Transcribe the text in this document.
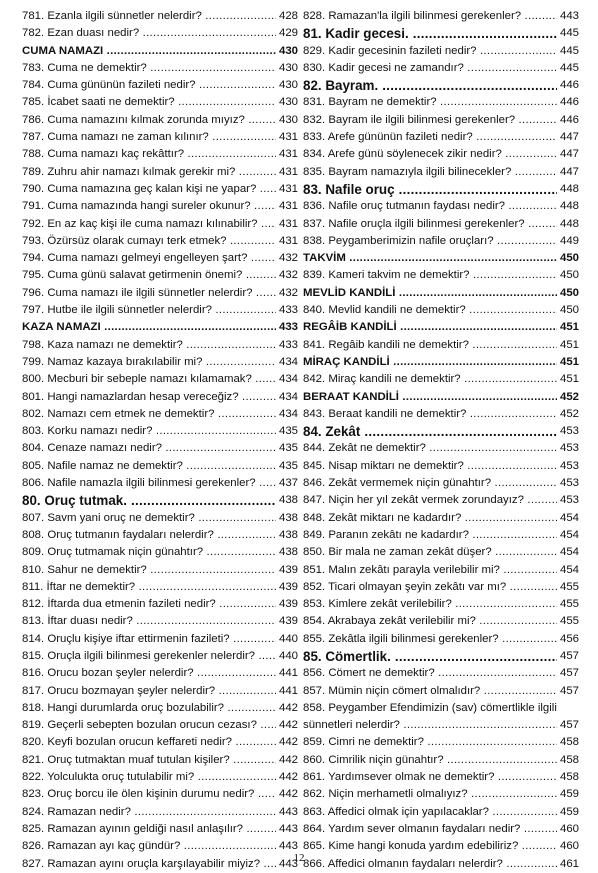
781. Ezanla ilgili sünnetler nelerdir? .....	428
782. Ezan duası nedir? .....	429
CUMA NAMAZI .....	430
783. Cuma ne demektir? .....	430
784. Cuma gününün fazileti nedir? .....	430
785. İcabet saati ne demektir? .....	430
786. Cuma namazını kılmak zorunda mıyız? .....	430
787. Cuma namazı ne zaman kılınır? .....	431
788. Cuma namazı kaç rekâttır? .....	431
789. Zuhru ahir namazı kılmak gerekir mi? .....	431
790. Cuma namazına geç kalan kişi ne yapar? .....	431
791. Cuma namazında hangi sureler okunur? .....	431
792. En az kaç kişi ile cuma namazı kılınabilir? .....	431
793. Özürsüz olarak cumayı terk etmek? .....	431
794. Cuma namazı gelmeyi engelleyen şart? .....	432
795. Cuma günü salavat getirmenin önemi? .....	432
796. Cuma namazı ile ilgili sünnetler nelerdir? .....	432
797. Hutbe ile ilgili sünnetler nelerdir? .....	433
KAZA NAMAZI .....	433
798. Kaza namazı ne demektir? .....	433
799. Namaz kazaya bırakılabilir mi? .....	434
800. Mecburi bir sebeple namazı kılamamak? .....	434
801. Hangi namazlardan hesap vereceğiz? .....	434
802. Namazı cem etmek ne demektir? .....	434
803. Korku namazı nedir? .....	435
804. Cenaze namazı nedir? .....	435
805. Nafile namaz ne demektir? .....	435
806. Nafile namazla ilgili bilinmesi gerekenler? .....	437
80. Oruç tutmak. .....	438
807. Savm yani oruç ne demektir? .....	438
808. Oruç tutmanın faydaları nelerdir? .....	438
809. Oruç tutmamak niçin günahtır? .....	438
810. Sahur ne demektir? .....	439
811. İftar ne demektir? .....	439
812. İftarda dua etmenin fazileti nedir? .....	439
813. İftar duası nedir? .....	439
814. Oruçlu kişiye iftar ettirmenin fazileti? .....	440
815. Oruçla ilgili bilinmesi gerekenler nelerdir? .....	440
816. Orucu bozan şeyler nelerdir? .....	441
817. Orucu bozmayan şeyler nelerdir? .....	441
818. Hangi durumlarda oruç bozulabilir? .....	442
819. Geçerli sebepten bozulan orucun cezası? .....	442
820. Keyfi bozulan orucun keffareti nedir? .....	442
821. Oruç tutmaktan muaf tutulan kişiler? .....	442
822. Yolculukta oruç tutulabilir mi? .....	442
823. Oruç borcu ile ölen kişinin durumu nedir? .....	442
824. Ramazan nedir? .....	443
825. Ramazan ayının geldiği nasıl anlaşılır? .....	443
826. Ramazan ayı kaç gündür? .....	443
827. Ramazan ayını oruçla karşılayabilir miyiz? .....	443
828. Ramazan'la ilgili bilinmesi gerekenler? .....	443
81. Kadir gecesi. .....	445
829. Kadir gecesinin fazileti nedir? .....	445
830. Kadir gecesi ne zamandır? .....	445
82. Bayram. .....	446
831. Bayram ne demektir? .....	446
832. Bayram ile ilgili bilinmesi gerekenler? .....	446
833. Arefe gününün fazileti nedir? .....	447
834. Arefe günü söylenecek zikir nedir? .....	447
835. Bayram namazıyla ilgili bilinecekler? .....	447
83. Nafile oruç .....	448
836. Nafile oruç tutmanın faydası nedir? .....	448
837. Nafile oruçla ilgili bilinmesi gerekenler? .....	448
838. Peygamberimizin nafile oruçları? .....	449
TAKVİM .....	450
839. Kameri takvim ne demektir? .....	450
MEVLİD KANDİLİ .....	450
840. Mevlid kandili ne demektir? .....	450
REGÂİB KANDİLİ .....	451
841. Regâib kandili ne demektir? .....	451
MİRAÇ KANDİLİ .....	451
842. Miraç kandili ne demektir? .....	451
BERAAT KANDİLİ .....	452
843. Beraat kandili ne demektir? .....	452
84. Zekât .....	453
844. Zekât ne demektir? .....	453
845. Nisap miktarı ne demektir? .....	453
846. Zekât vermemek niçin günahtır? .....	453
847. Niçin her yıl zekât vermek zorundayız? .....	453
848. Zekât miktarı ne kadardır? .....	454
849. Paranın zekâtı ne kadardır? .....	454
850. Bir mala ne zaman zekât düşer? .....	454
851. Malın zekâtı parayla verilebilir mi? .....	454
852. Ticari olmayan şeyin zekâtı var mı? .....	455
853. Kimlere zekât verilebilir? .....	455
854. Akrabaya zekât verilebilir mi? .....	455
855. Zekâtla ilgili bilinmesi gerekenler? .....	456
85. Cömertlik. .....	457
856. Cömert ne demektir? .....	457
857. Mümin niçin cömert olmalıdır? .....	457
858. Peygamber Efendimizin (sav) cömertlikle ilgili
sünnetleri nelerdir? .....	457
859. Cimri ne demektir? .....	458
860. Cimrilik niçin günahtır? .....	458
861. Yardımsever olmak ne demektir? .....	458
862. Niçin merhametli olmalıyız? .....	459
863. Affedici olmak için yapılacaklar? .....	459
864. Yardım sever olmanın faydaları nedir? .....	460
865. Kime hangi konuda yardım edebiliriz? .....	460
866. Affedici olmanın faydaları nelerdir? .....	461
12
